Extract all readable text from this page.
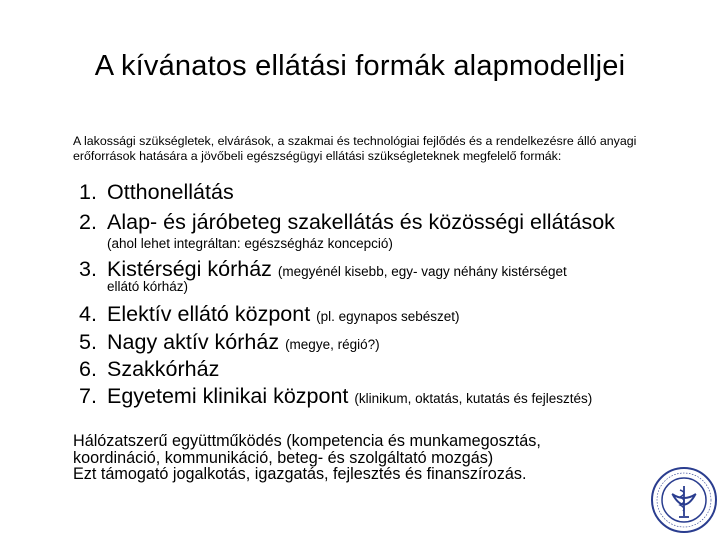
A kívánatos ellátási formák alapmodelljei
A lakossági szükségletek, elvárások, a szakmai és technológiai fejlődés és a rendelkezésre álló anyagi erőforrások hatására a jövőbeli egészségügyi ellátási szükségleteknek megfelelő formák:
1. Otthonellátás
2. Alap- és járóbeteg szakellátás és közösségi ellátások
(ahol lehet integráltan: egészségház koncepció)
3. Kistérségi kórház (megyénél kisebb, egy- vagy néhány kistérséget
ellátó kórház)
4. Elektív ellátó központ (pl. egynapos sebészet)
5. Nagy aktív kórház (megye, régió?)
6. Szakkórház
7. Egyetemi klinikai központ (klinikum, oktatás, kutatás és fejlesztés)
Hálózatszerű együttműködés (kompetencia és munkamegosztás,
koordináció, kommunikáció, beteg- és szolgáltató mozgás)
Ezt támogató jogalkotás, igazgatás, fejlesztés és finanszírozás.
